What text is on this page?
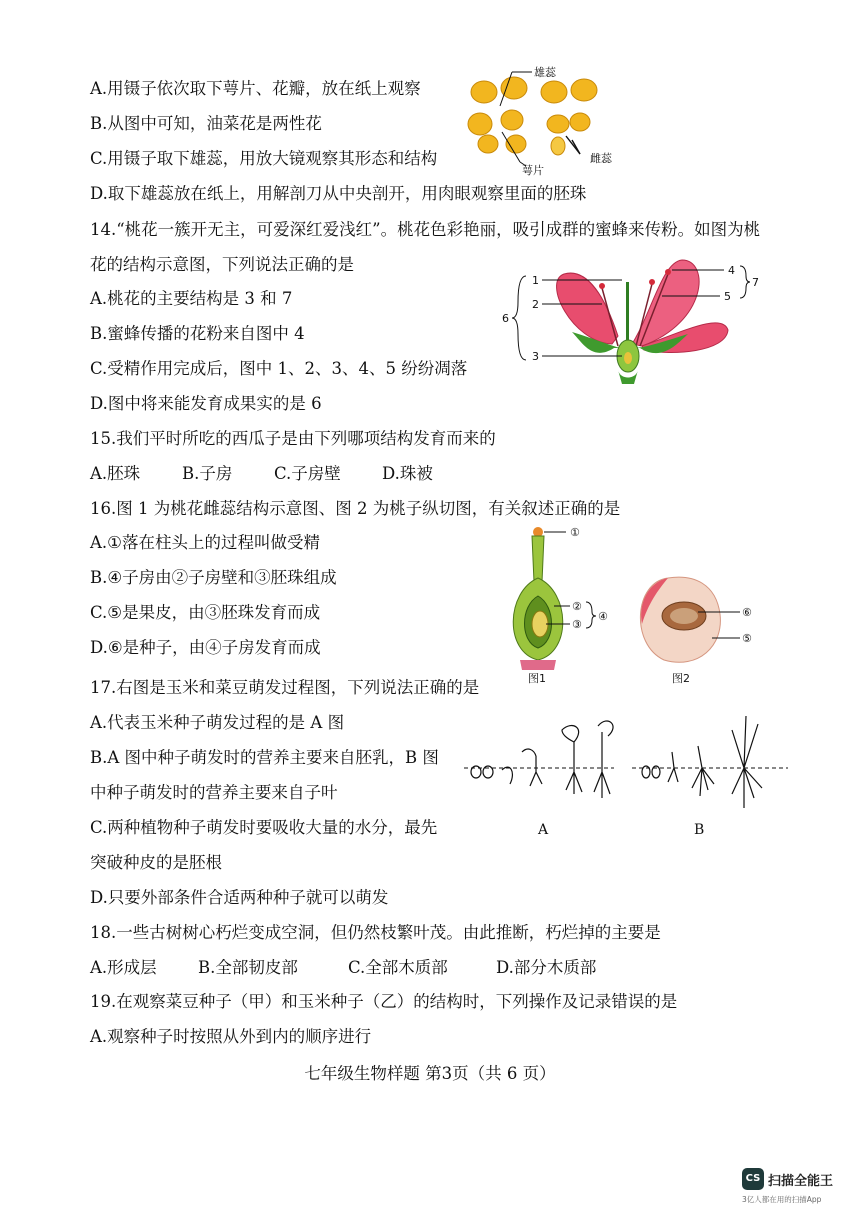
A.用镊子依次取下萼片、花瓣，放在纸上观察
B.从图中可知，油菜花是两性花
C.用镊子取下雄蕊，用放大镜观察其形态和结构
D.取下雄蕊放在纸上，用解剖刀从中央剖开，用肉眼观察里面的胚珠
雄蕊
萼片
雌蕊
14.“桃花一簇开无主，可爱深红爱浅红”。桃花色彩艳丽，吸引成群的蜜蜂来传粉。如图为桃
花的结构示意图，下列说法正确的是
A.桃花的主要结构是 3 和 7
B.蜜蜂传播的花粉来自图中 4
C.受精作用完成后，图中 1、2、3、4、5 纷纷凋落
D.图中将来能发育成果实的是 6
1
2
3
4
5
6
7
15.我们平时所吃的西瓜子是由下列哪项结构发育而来的
A.胚珠	B.子房	C.子房壁 D.珠被
16.图 1 为桃花雌蕊结构示意图、图 2 为桃子纵切图，有关叙述正确的是
A.①落在柱头上的过程叫做受精
B.④子房由②子房壁和③胚珠组成
C.⑤是果皮，由③胚珠发育而成
D.⑥是种子，由④子房发育而成
①
②
③
④
图1
⑥
⑤
图2
17.右图是玉米和菜豆萌发过程图，下列说法正确的是
A.代表玉米种子萌发过程的是 A 图
B.A 图中种子萌发时的营养主要来自胚乳，B 图
中种子萌发时的营养主要来自子叶
C.两种植物种子萌发时要吸收大量的水分，最先
突破种皮的是胚根
D.只要外部条件合适两种种子就可以萌发
A	B
18.一些古树树心朽烂变成空洞，但仍然枝繁叶茂。由此推断，朽烂掉的主要是
A.形成层	B.全部韧皮部	C.全部木质部	D.部分木质部
19.在观察菜豆种子（甲）和玉米种子（乙）的结构时，下列操作及记录错误的是
A.观察种子时按照从外到内的顺序进行
七年级生物样题 第3页（共 6 页）
CS 扫描全能王
3亿人都在用的扫描App
